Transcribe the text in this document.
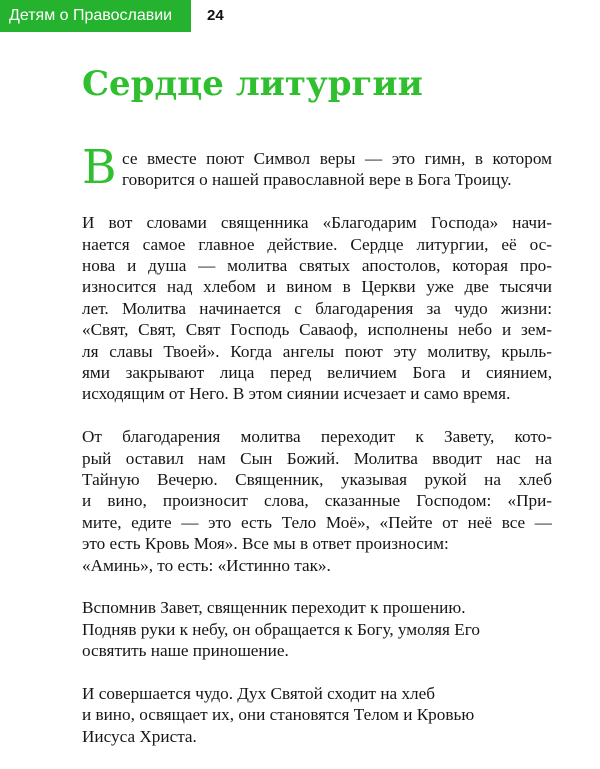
Детям о Православии	24
Сердце литургии
В се вместе поют Символ веры — это гимн, в котором
говорится о нашей православной вере в Бога Троицу.
И вот словами священника «Благодарим Господа» начи-
нается самое главное действие. Сердце литургии, её ос-
нова и душа — молитва святых апостолов, которая про-
износится над хлебом и вином в Церкви уже две тысячи
лет. Молитва начинается с благодарения за чудо жизни:
«Свят, Свят, Свят Господь Саваоф, исполнены небо и зем-
ля славы Твоей». Когда ангелы поют эту молитву, крыль-
ями закрывают лица перед величием Бога и сиянием,
исходящим от Него. В этом сиянии исчезает и само время.
От благодарения молитва переходит к Завету, кото-
рый оставил нам Сын Божий. Молитва вводит нас на
Тайную Вечерю. Священник, указывая рукой на хлеб
и вино, произносит слова, сказанные Господом: «При-
мите, едите — это есть Тело Моё», «Пейте от неё все —
это есть Кровь Моя». Все мы в ответ произносим:
«Аминь», то есть: «Истинно так».
Вспомнив Завет, священник переходит к прошению.
Подняв руки к небу, он обращается к Богу, умоляя Его
освятить наше приношение.
И совершается чудо. Дух Святой сходит на хлеб
и вино, освящает их, они становятся Телом и Кровью
Иисуса Христа.
